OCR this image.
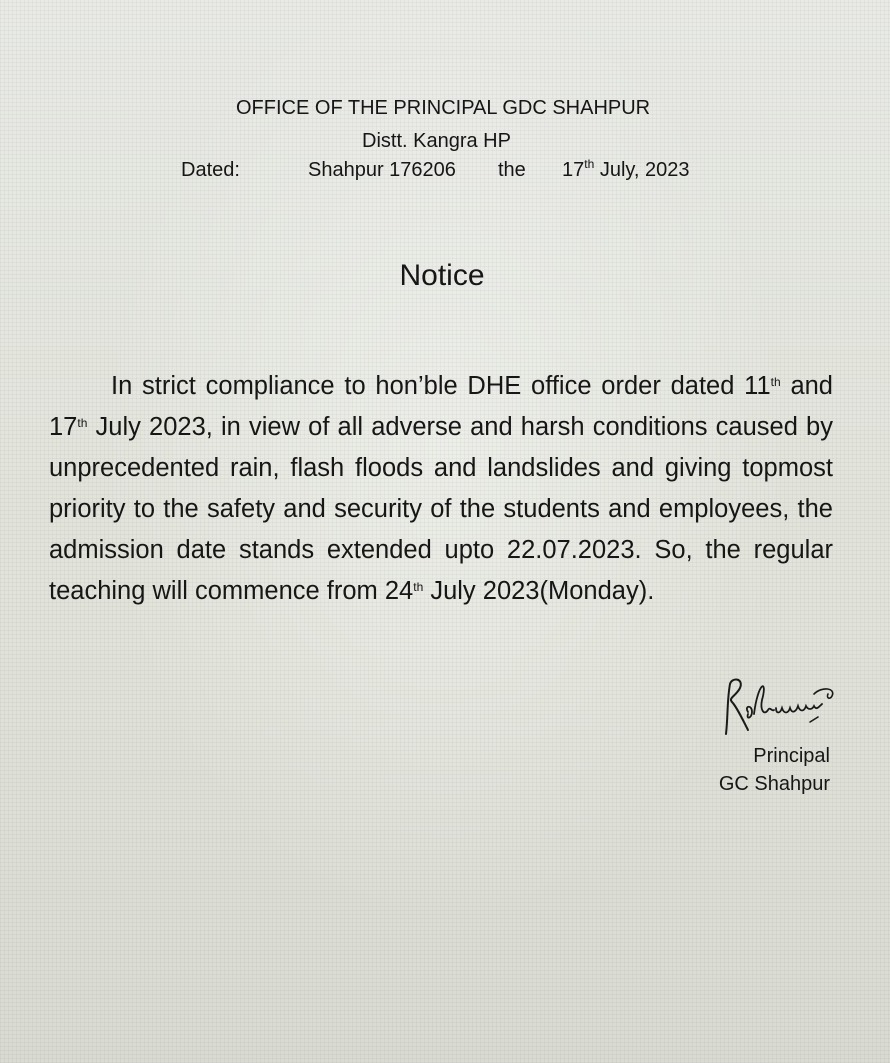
OFFICE OF THE PRINCIPAL GDC SHAHPUR
Distt. Kangra HP
Dated:	Shahpur 176206 the 17th July, 2023
Notice

In strict compliance to hon’ble DHE office order dated 11th and 17th July 2023, in view of all adverse and harsh conditions caused by unprecedented rain, flash floods and landslides and giving topmost priority to the safety and security of the students and employees, the admission date stands extended upto 22.07.2023. So, the regular teaching will commence from 24th July 2023(Monday).

Principal
GC Shahpur
